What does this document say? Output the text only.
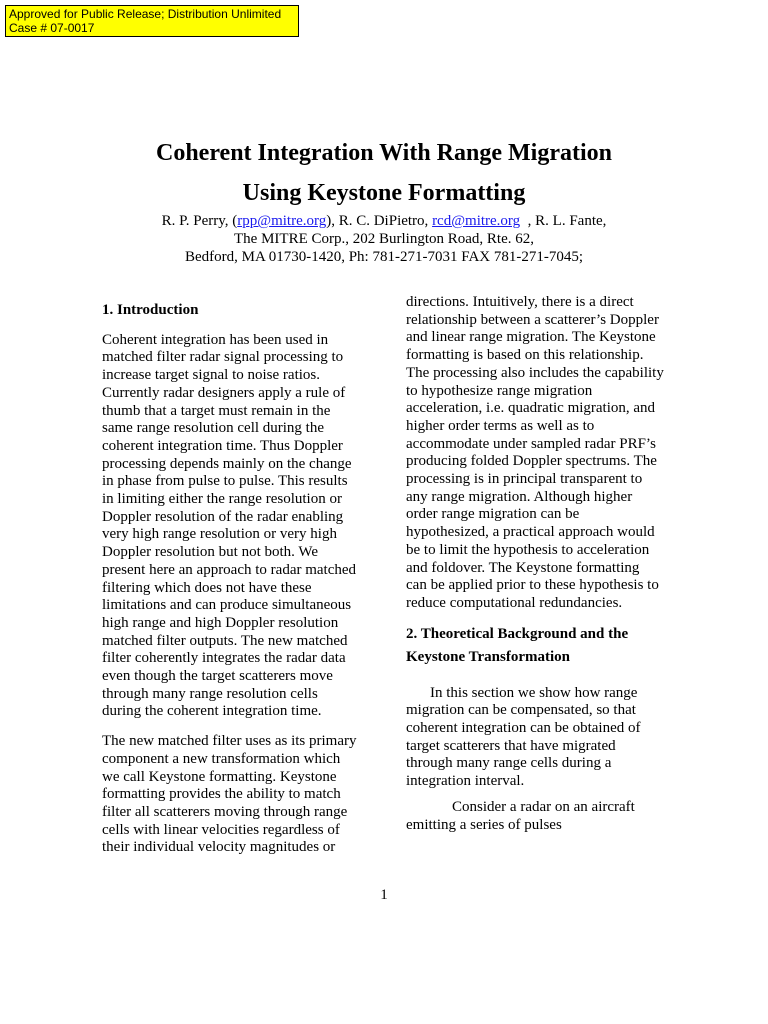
Approved for Public Release; Distribution Unlimited
Case # 07-0017
Coherent Integration With Range Migration
Using Keystone Formatting
R. P. Perry, (rpp@mitre.org), R. C. DiPietro, rcd@mitre.org  , R. L. Fante,
The MITRE Corp., 202 Burlington Road, Rte. 62,
Bedford, MA 01730-1420, Ph: 781-271-7031 FAX 781-271-7045;

1. Introduction

Coherent integration has been used in

matched filter radar signal processing to

increase target signal to noise ratios.

Currently radar designers apply a rule of

thumb that a target must remain in the

same range resolution cell during the

coherent integration time. Thus Doppler

processing depends mainly on the change

in phase from pulse to pulse. This results

in limiting either the range resolution or

Doppler resolution of the radar enabling

very high range resolution or very high

Doppler resolution but not both. We

present here an approach to radar matched

filtering which does not have these

limitations and can produce simultaneous

high range and high Doppler resolution

matched filter outputs. The new matched

filter coherently integrates the radar data

even though the target scatterers move

through many range resolution cells

during the coherent integration time.

The new matched filter uses as its primary

component a new transformation which

we call Keystone formatting. Keystone

formatting provides the ability to match

filter all scatterers moving through range

cells with linear velocities regardless of

their individual velocity magnitudes or

directions. Intuitively, there is a direct

relationship between a scatterer’s Doppler

and linear range migration. The Keystone

formatting is based on this relationship.

The processing also includes the capability

to hypothesize range migration

acceleration, i.e. quadratic migration, and

higher order terms as well as to

accommodate under sampled radar PRF’s

producing folded Doppler spectrums. The

processing is in principal transparent to

any range migration. Although higher

order range migration can be

hypothesized, a practical approach would

be to limit the hypothesis to acceleration

and foldover. The Keystone formatting

can be applied prior to these hypothesis to

reduce computational redundancies.

2. Theoretical Background and the

Keystone Transformation

In this section we show how range

migration can be compensated, so that

coherent integration can be obtained of

target scatterers that have migrated

through many range cells during a

integration interval.

Consider a radar on an aircraft

emitting a series of pulses

1
